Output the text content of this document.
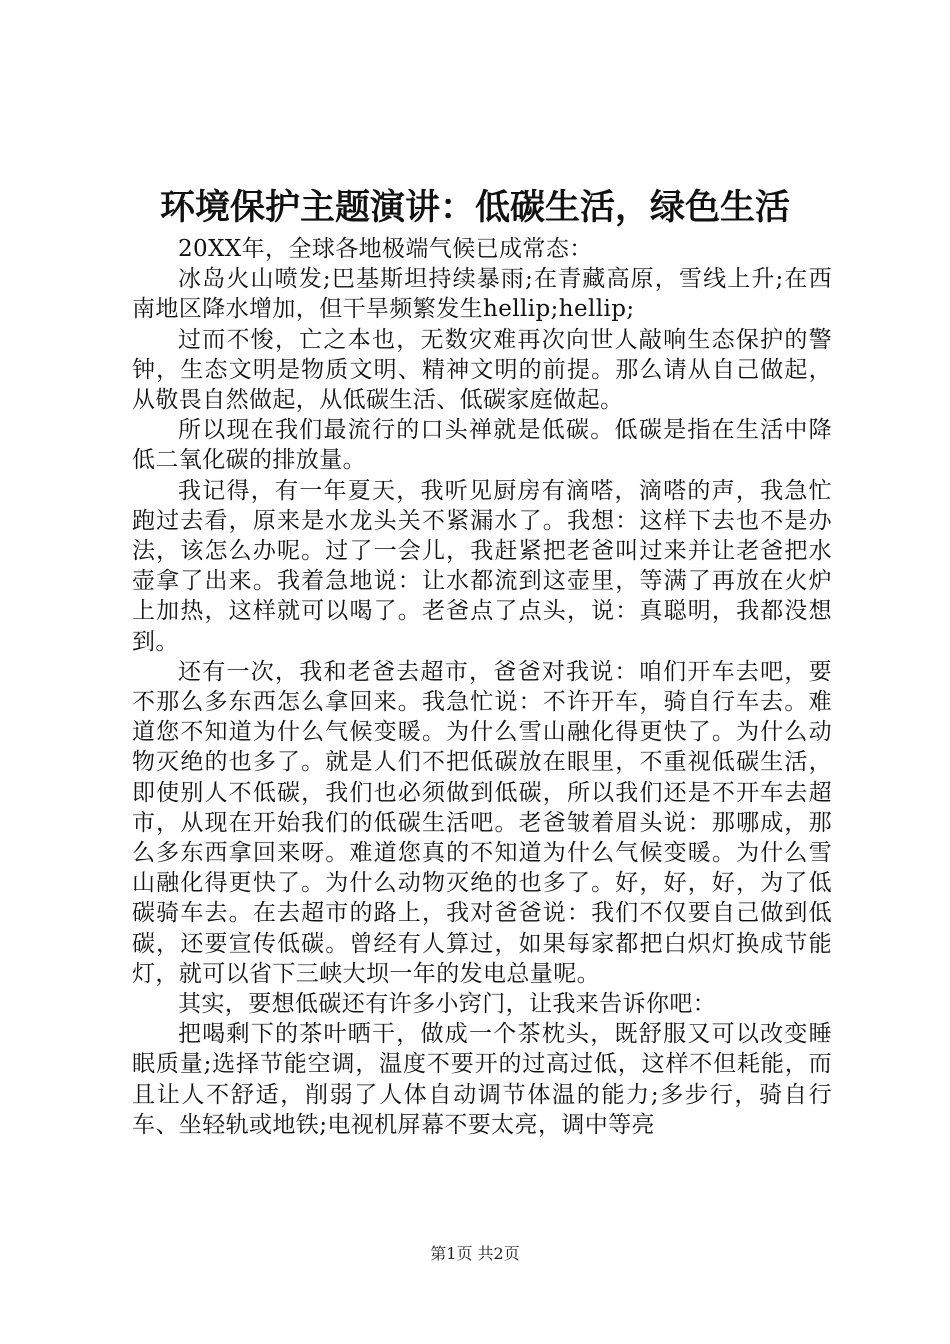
环境保护主题演讲：低碳生活，绿色生活

20XX年，全球各地极端气候已成常态：

冰岛火山喷发;巴基斯坦持续暴雨;在青藏高原，雪线上升;在西南地区降水增加，但干旱频繁发生hellip;hellip;

过而不悛，亡之本也，无数灾难再次向世人敲响生态保护的警钟，生态文明是物质文明、精神文明的前提。那么请从自己做起，从敬畏自然做起，从低碳生活、低碳家庭做起。

所以现在我们最流行的口头禅就是低碳。低碳是指在生活中降低二氧化碳的排放量。

我记得，有一年夏天，我听见厨房有滴嗒，滴嗒的声，我急忙跑过去看，原来是水龙头关不紧漏水了。我想：这样下去也不是办法，该怎么办呢。过了一会儿，我赶紧把老爸叫过来并让老爸把水壶拿了出来。我着急地说：让水都流到这壶里，等满了再放在火炉上加热，这样就可以喝了。老爸点了点头，说：真聪明，我都没想到。

还有一次，我和老爸去超市，爸爸对我说：咱们开车去吧，要不那么多东西怎么拿回来。我急忙说：不许开车，骑自行车去。难道您不知道为什么气候变暖。为什么雪山融化得更快了。为什么动物灭绝的也多了。就是人们不把低碳放在眼里，不重视低碳生活，即使别人不低碳，我们也必须做到低碳，所以我们还是不开车去超市，从现在开始我们的低碳生活吧。老爸皱着眉头说：那哪成，那么多东西拿回来呀。难道您真的不知道为什么气候变暖。为什么雪山融化得更快了。为什么动物灭绝的也多了。好，好，好，为了低碳骑车去。在去超市的路上，我对爸爸说：我们不仅要自己做到低碳，还要宣传低碳。曾经有人算过，如果每家都把白炽灯换成节能灯，就可以省下三峡大坝一年的发电总量呢。

其实，要想低碳还有许多小窍门，让我来告诉你吧：

把喝剩下的茶叶晒干，做成一个茶枕头，既舒服又可以改变睡眠质量;选择节能空调，温度不要开的过高过低，这样不但耗能，而且让人不舒适，削弱了人体自动调节体温的能力;多步行，骑自行车、坐轻轨或地铁;电视机屏幕不要太亮，调中等亮

第1页 共2页
